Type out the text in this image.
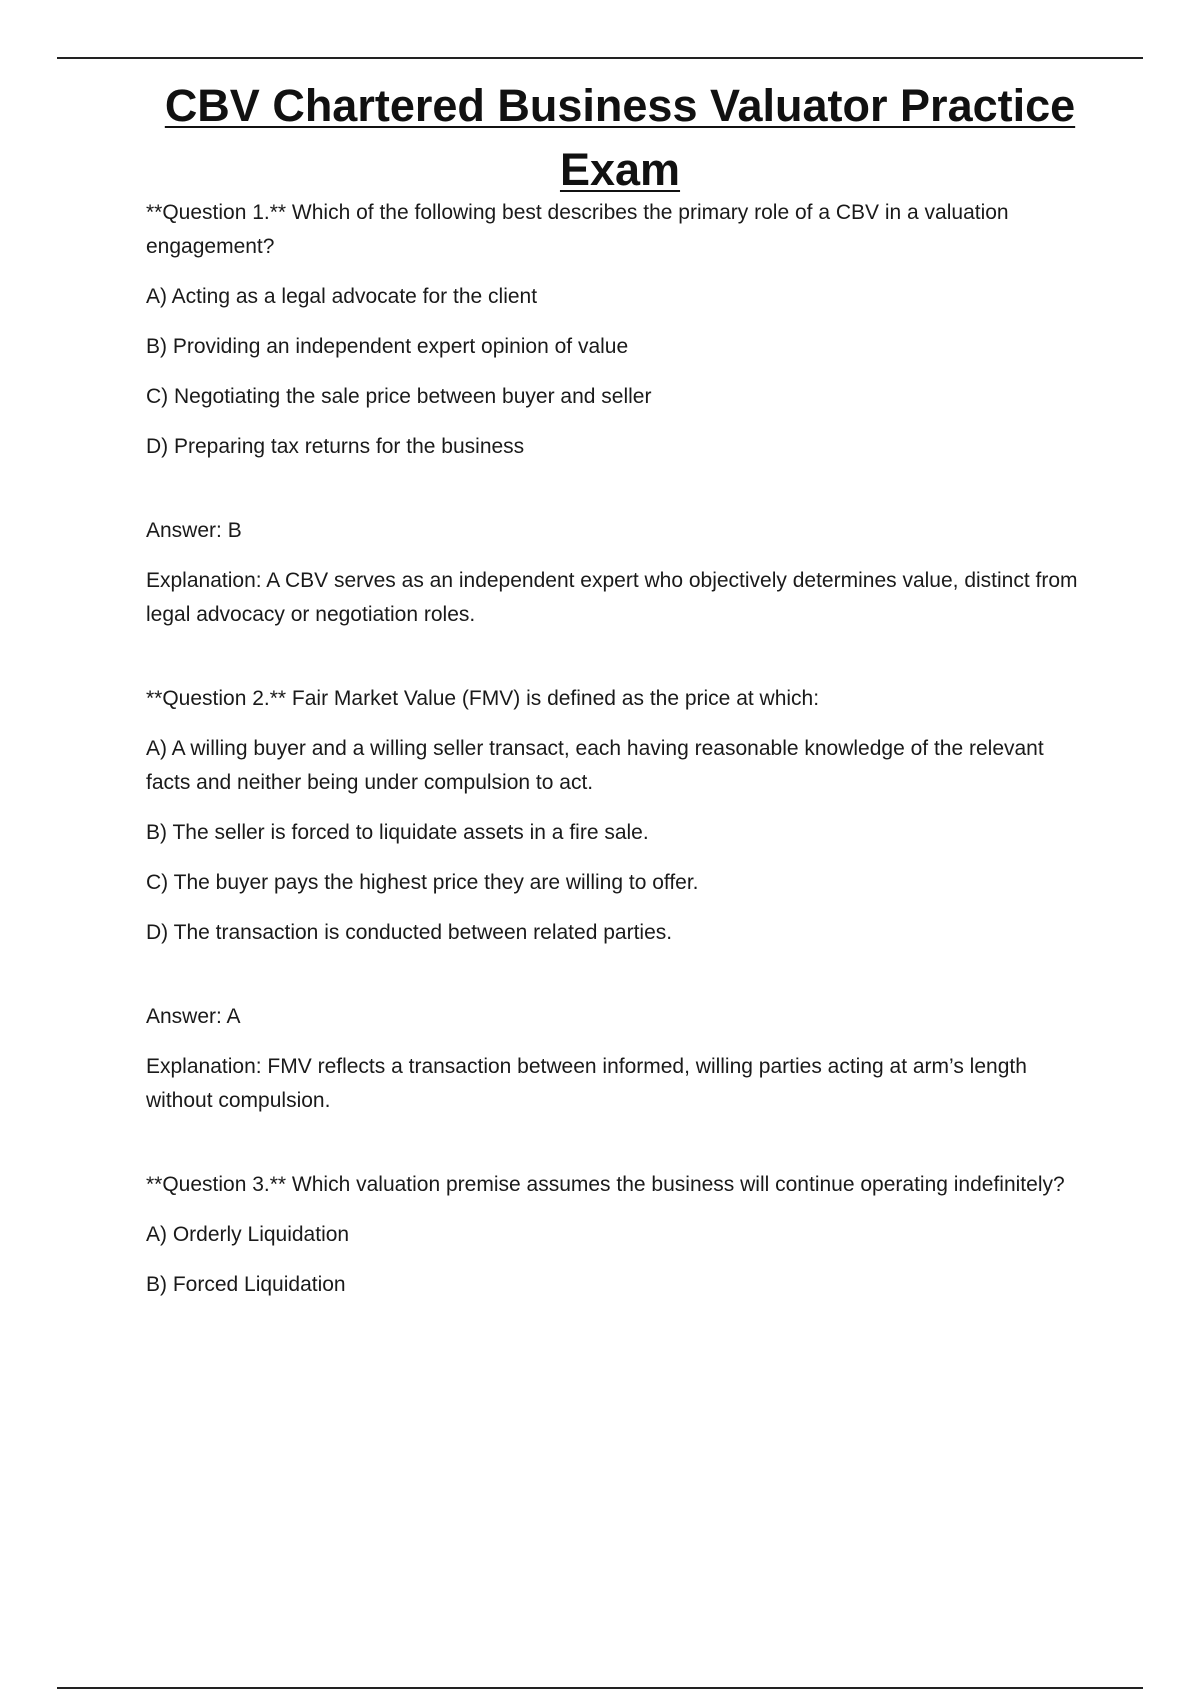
CBV Chartered Business Valuator Practice Exam

**Question 1.** Which of the following best describes the primary role of a CBV in a valuation engagement?

A) Acting as a legal advocate for the client

B) Providing an independent expert opinion of value

C) Negotiating the sale price between buyer and seller

D) Preparing tax returns for the business

Answer: B

Explanation: A CBV serves as an independent expert who objectively determines value, distinct from legal advocacy or negotiation roles.

**Question 2.** Fair Market Value (FMV) is defined as the price at which:

A) A willing buyer and a willing seller transact, each having reasonable knowledge of the relevant facts and neither being under compulsion to act.

B) The seller is forced to liquidate assets in a fire sale.

C) The buyer pays the highest price they are willing to offer.

D) The transaction is conducted between related parties.

Answer: A

Explanation: FMV reflects a transaction between informed, willing parties acting at arm’s length without compulsion.

**Question 3.** Which valuation premise assumes the business will continue operating indefinitely?

A) Orderly Liquidation

B) Forced Liquidation
